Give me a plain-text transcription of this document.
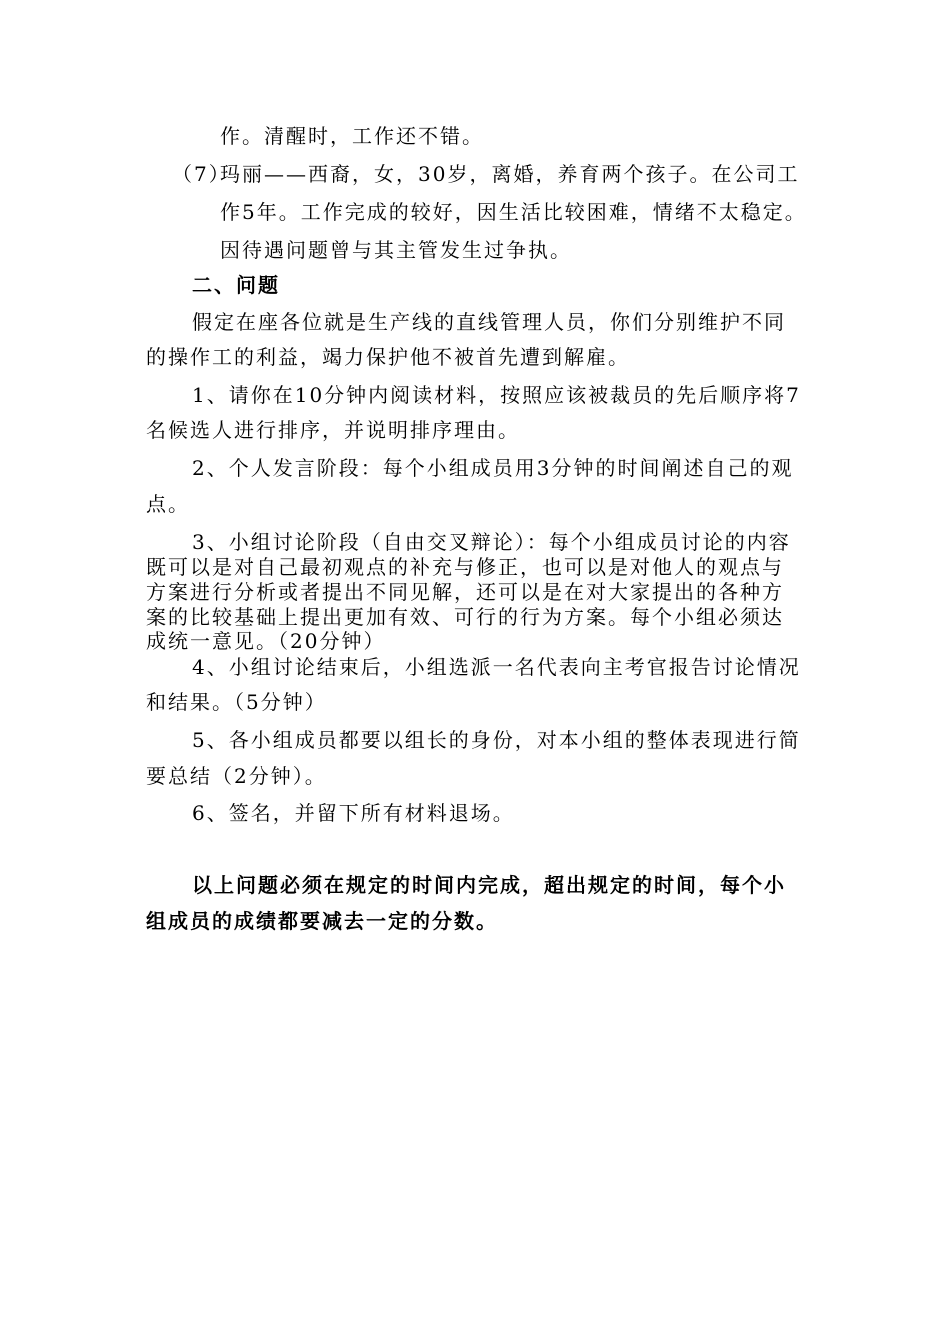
作。清醒时，工作还不错。
（7）
玛丽——西裔，女，30岁，离婚，养育两个孩子。在公司工
作5年。工作完成的较好，因生活比较困难，情绪不太稳定。
因待遇问题曾与其主管发生过争执。
二、问题
假定在座各位就是生产线的直线管理人员，你们分别维护不同
的操作工的利益，竭力保护他不被首先遭到解雇。
1、请你在10分钟内阅读材料，按照应该被裁员的先后顺序将7
名候选人进行排序，并说明排序理由。
2、个人发言阶段：每个小组成员用3分钟的时间阐述自己的观
点。
3、小组讨论阶段（自由交叉辩论）：每个小组成员讨论的内容
既可以是对自己最初观点的补充与修正，也可以是对他人的观点与
方案进行分析或者提出不同见解，还可以是在对大家提出的各种方
案的比较基础上提出更加有效、可行的行为方案。每个小组必须达
成统一意见。（20分钟）
4、小组讨论结束后，小组选派一名代表向主考官报告讨论情况
和结果。（5分钟）
5、各小组成员都要以组长的身份，对本小组的整体表现进行简
要总结（2分钟）。
6、签名，并留下所有材料退场。
以上问题必须在规定的时间内完成，超出规定的时间，每个小
组成员的成绩都要减去一定的分数。
